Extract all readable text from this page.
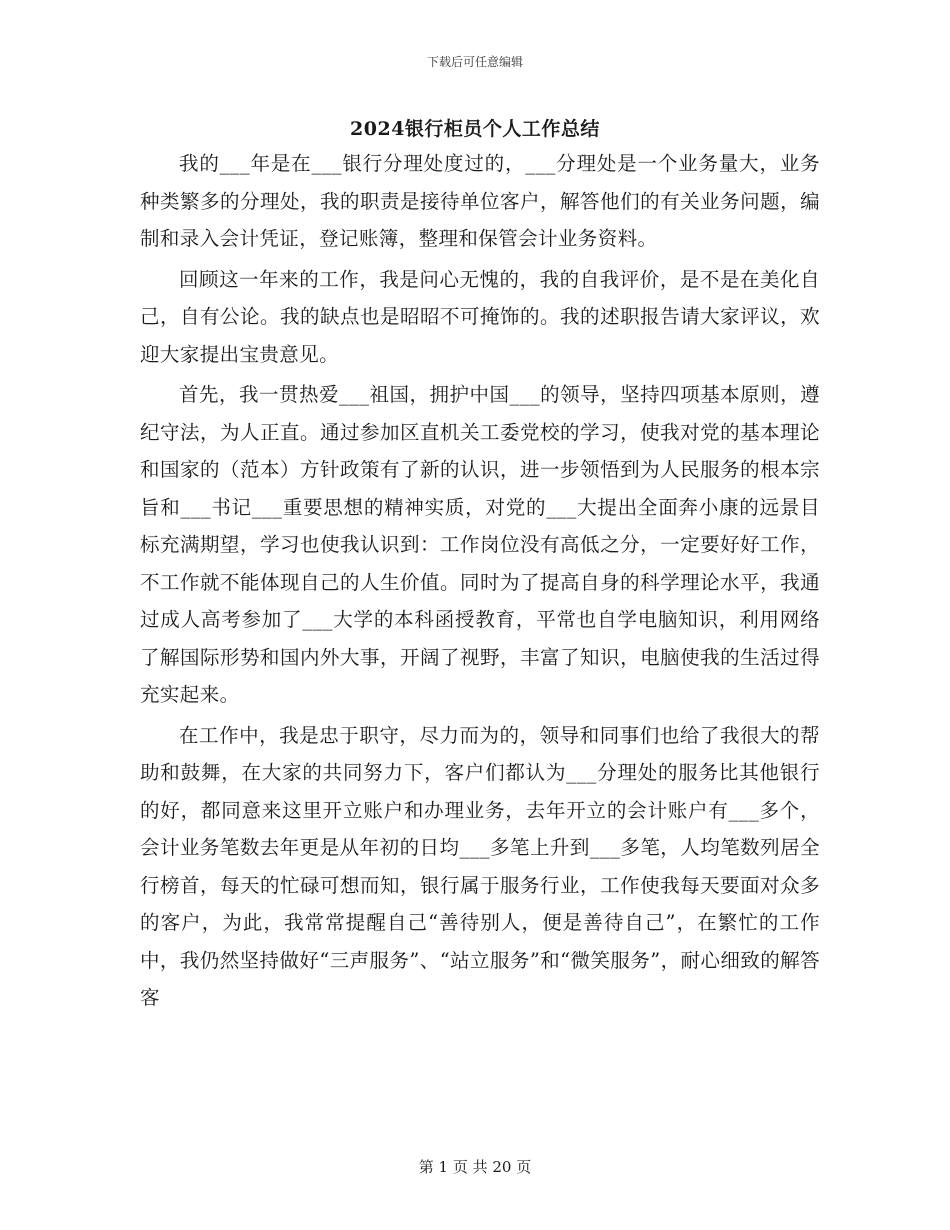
下载后可任意编辑
2024银行柜员个人工作总结

我的___年是在___银行分理处度过的，___分理处是一个业务量大，业务种类繁多的分理处，我的职责是接待单位客户，解答他们的有关业务问题，编制和录入会计凭证，登记账簿，整理和保管会计业务资料。

回顾这一年来的工作，我是问心无愧的，我的自我评价，是不是在美化自己，自有公论。我的缺点也是昭昭不可掩饰的。我的述职报告请大家评议，欢迎大家提出宝贵意见。

首先，我一贯热爱___祖国，拥护中国___的领导，坚持四项基本原则，遵纪守法，为人正直。通过参加区直机关工委党校的学习，使我对党的基本理论和国家的（范本）方针政策有了新的认识，进一步领悟到为人民服务的根本宗旨和___书记___重要思想的精神实质，对党的___大提出全面奔小康的远景目标充满期望，学习也使我认识到：工作岗位没有高低之分，一定要好好工作，不工作就不能体现自己的人生价值。同时为了提高自身的科学理论水平，我通过成人高考参加了___大学的本科函授教育，平常也自学电脑知识，利用网络了解国际形势和国内外大事，开阔了视野，丰富了知识，电脑使我的生活过得充实起来。

在工作中，我是忠于职守，尽力而为的，领导和同事们也给了我很大的帮助和鼓舞，在大家的共同努力下，客户们都认为___分理处的服务比其他银行的好，都同意来这里开立账户和办理业务，去年开立的会计账户有___多个，会计业务笔数去年更是从年初的日均___多笔上升到___多笔，人均笔数列居全行榜首，每天的忙碌可想而知，银行属于服务行业，工作使我每天要面对众多的客户，为此，我常常提醒自己“善待别人，便是善待自己”，在繁忙的工作中，我仍然坚持做好“三声服务”、“站立服务”和“微笑服务”，耐心细致的解答客

第 1 页 共 20 页
